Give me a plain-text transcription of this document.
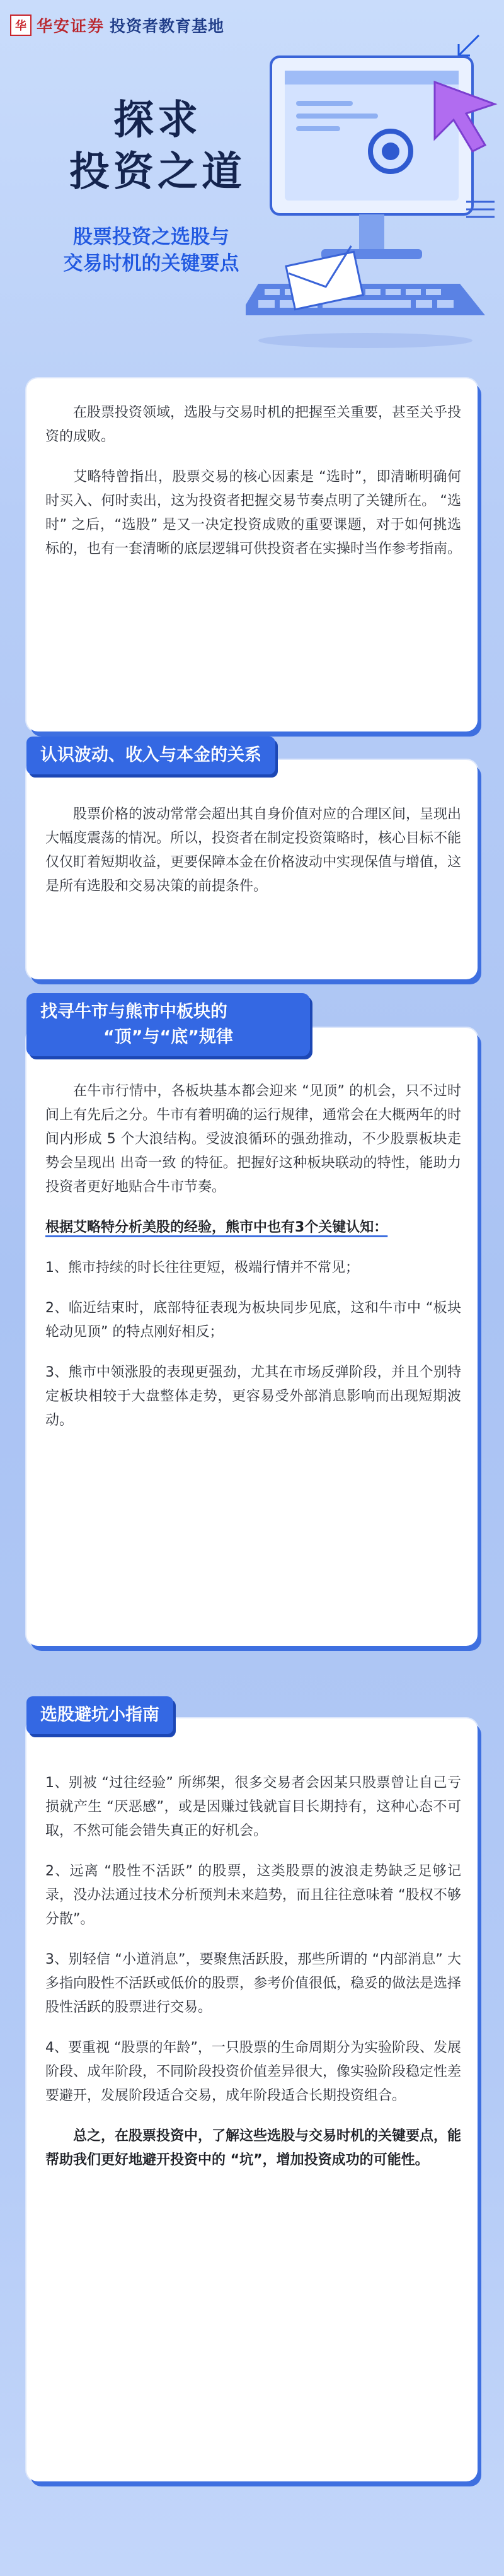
华 华安证券 投资者教育基地
探求
投资之道
股票投资之选股与
交易时机的关键要点

在股票投资领域，选股与交易时机的把握至关重要，甚至关乎投资的成败。

艾略特曾指出，股票交易的核心因素是 “选时”，即清晰明确何时买入、何时卖出，这为投资者把握交易节奏点明了关键所在。 “选时” 之后，“选股” 是又一决定投资成败的重要课题，对于如何挑选标的，也有一套清晰的底层逻辑可供投资者在实操时当作参考指南。

股票价格的波动常常会超出其自身价值对应的合理区间，呈现出大幅度震荡的情况。所以，投资者在制定投资策略时，核心目标不能仅仅盯着短期收益，更要保障本金在价格波动中实现保值与增值，这是所有选股和交易决策的前提条件。

认识波动、收入与本金的关系

在牛市行情中，各板块基本都会迎来 “见顶” 的机会，只不过时间上有先后之分。牛市有着明确的运行规律，通常会在大概两年的时间内形成 5 个大浪结构。受波浪循环的强劲推动，不少股票板块走势会呈现出 出奇一致 的特征。把握好这种板块联动的特性，能助力投资者更好地贴合牛市节奏。

根据艾略特分析美股的经验，熊市中也有3个关键认知：

1、熊市持续的时长往往更短，极端行情并不常见；

2、临近结束时，底部特征表现为板块同步见底，这和牛市中 “板块轮动见顶” 的特点刚好相反；

3、熊市中领涨股的表现更强劲，尤其在市场反弹阶段，并且个别特定板块相较于大盘整体走势，更容易受外部消息影响而出现短期波动。

找寻牛市与熊市中板块的
“顶”与“底”规律

1、别被 “过往经验” 所绑架，很多交易者会因某只股票曾让自己亏损就产生 “厌恶感”，或是因赚过钱就盲目长期持有，这种心态不可取，不然可能会错失真正的好机会。

2、远离 “股性不活跃” 的股票，这类股票的波浪走势缺乏足够记录，没办法通过技术分析预判未来趋势，而且往往意味着 “股权不够分散”。

3、别轻信 “小道消息”，要聚焦活跃股，那些所谓的 “内部消息” 大多指向股性不活跃或低价的股票，参考价值很低，稳妥的做法是选择股性活跃的股票进行交易。

4、要重视 “股票的年龄”，一只股票的生命周期分为实验阶段、发展阶段、成年阶段，不同阶段投资价值差异很大，像实验阶段稳定性差要避开，发展阶段适合交易，成年阶段适合长期投资组合。

总之，在股票投资中，了解这些选股与交易时机的关键要点，能帮助我们更好地避开投资中的 “坑”，增加投资成功的可能性。

选股避坑小指南
